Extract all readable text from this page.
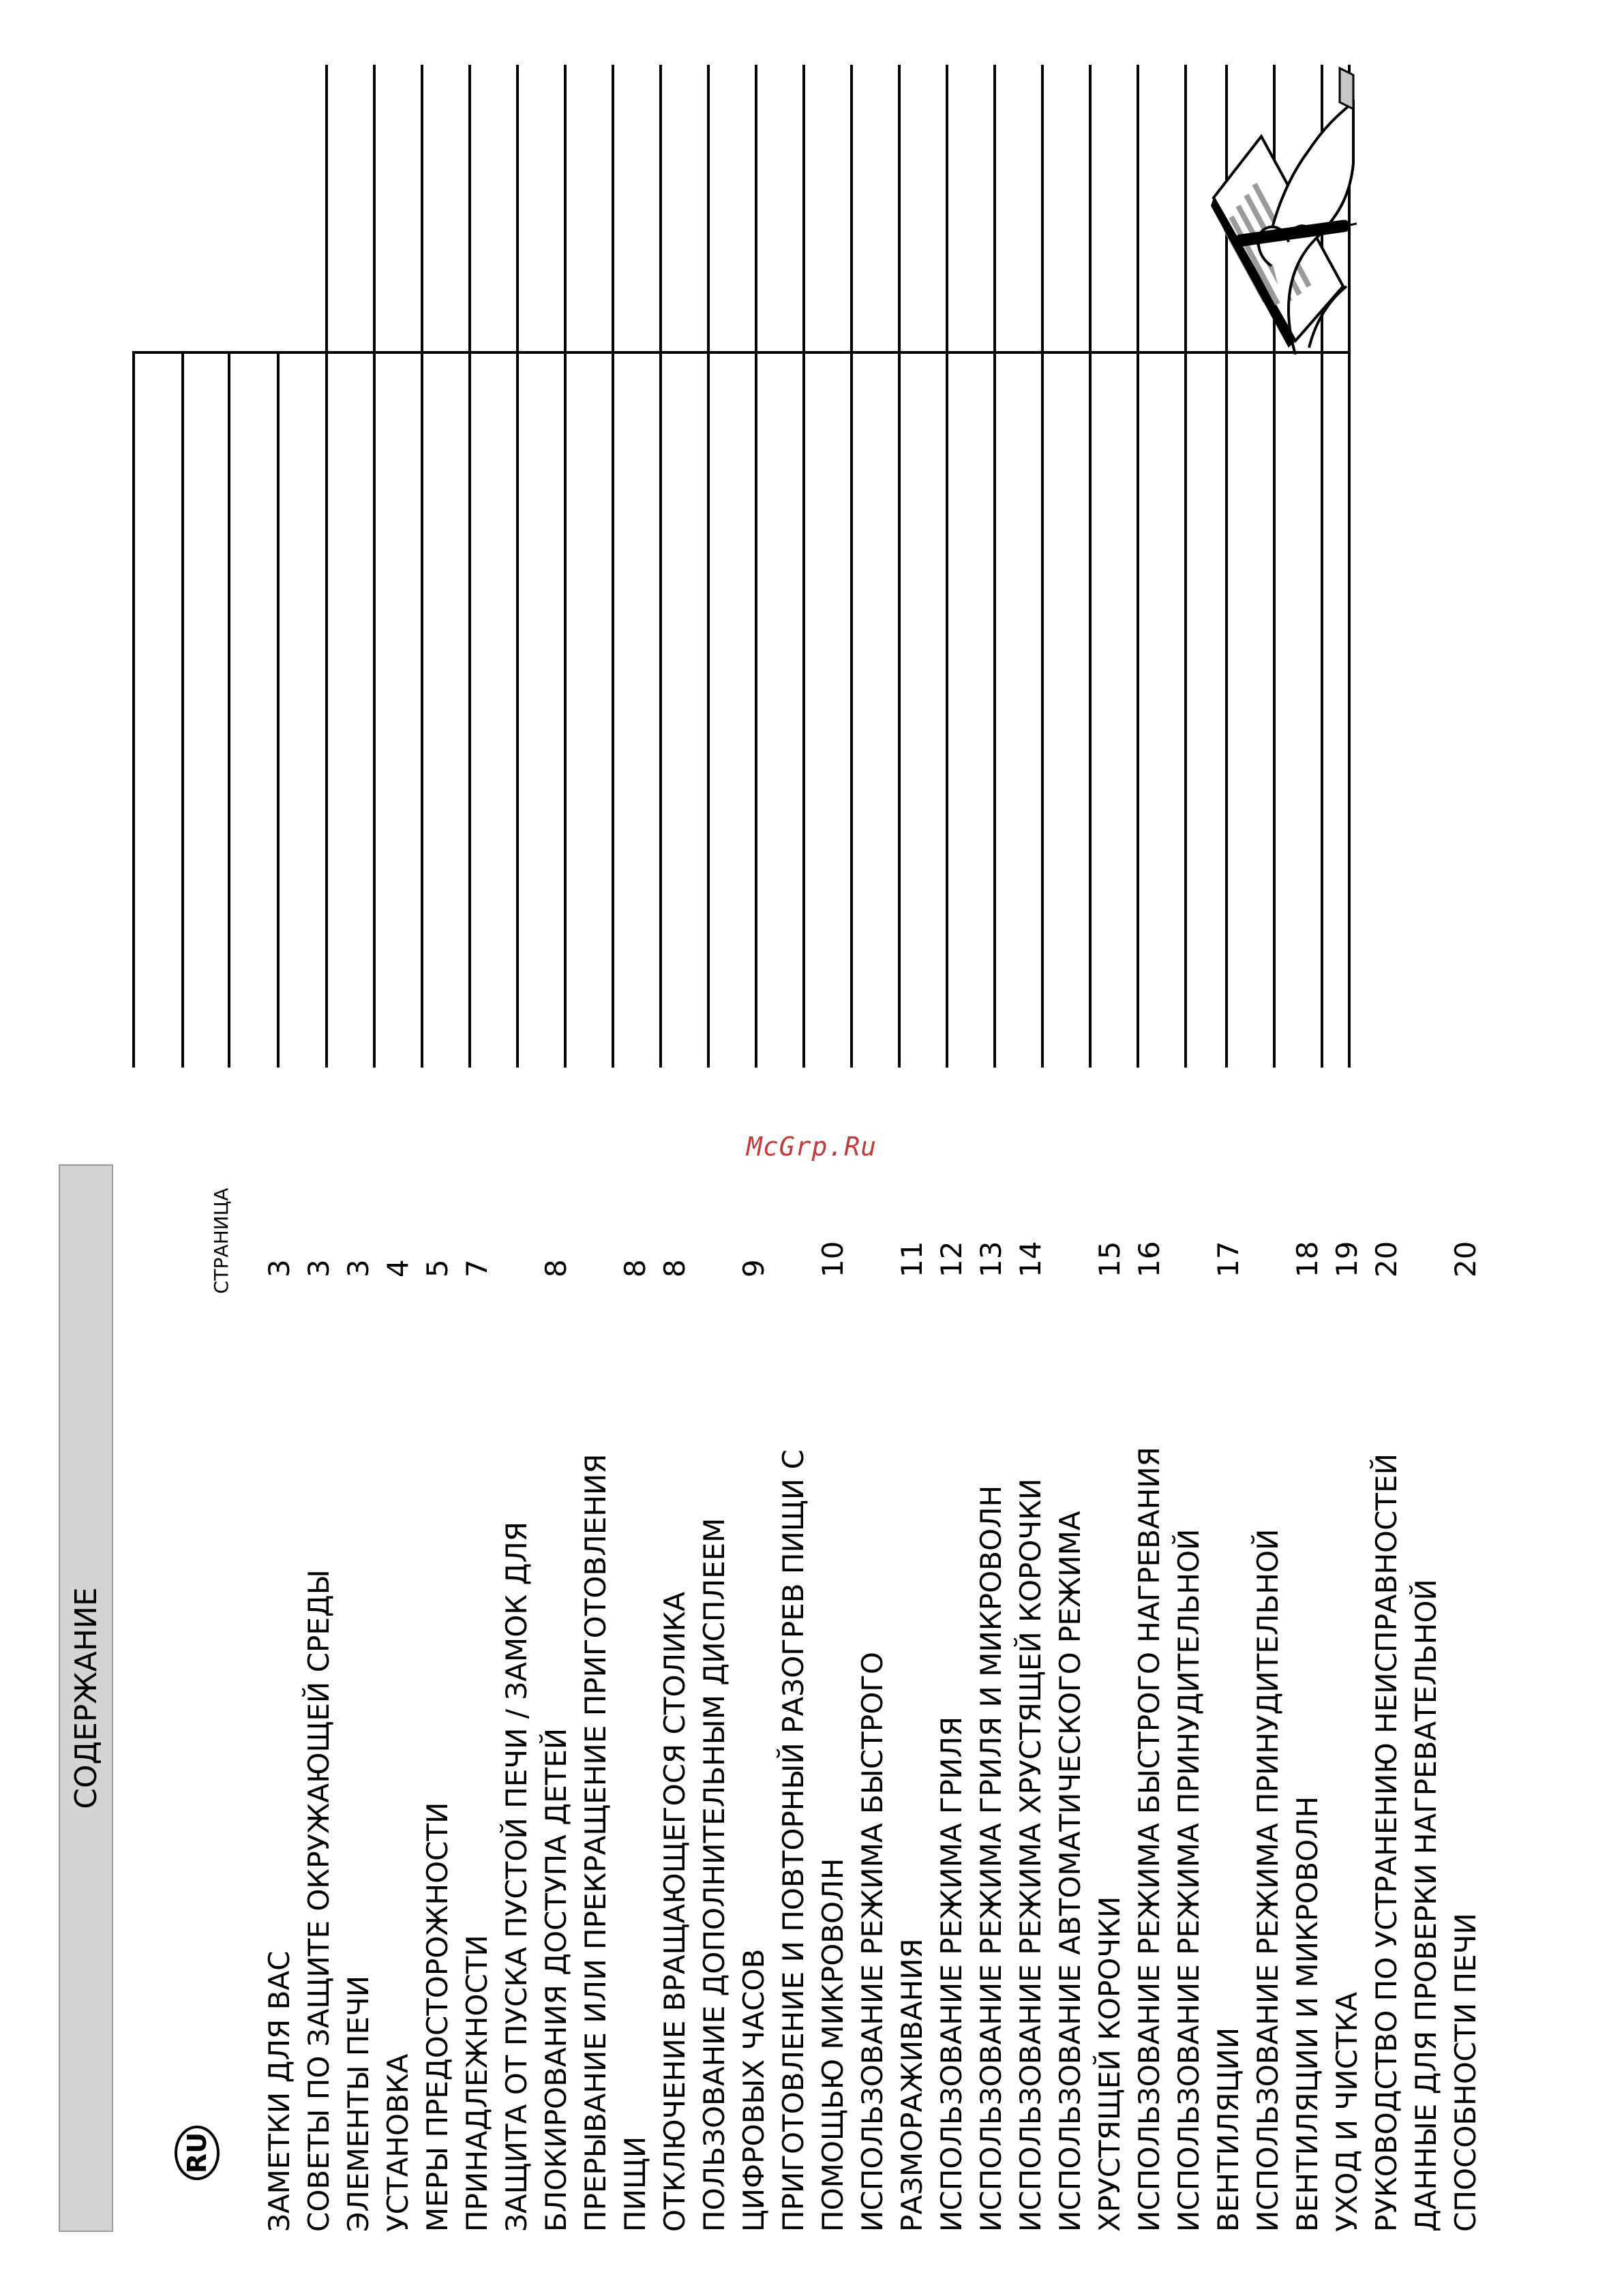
McGrp.Ru
СОДЕРЖАНИЕ
RU
СТРАНИЦА
ЗАМЕТКИ ДЛЯ ВАС
3
СОВЕТЫ ПО ЗАЩИТЕ ОКРУЖАЮЩЕЙ СРЕДЫ
3
ЭЛЕМЕНТЫ ПЕЧИ
3
УСТАНОВКА
4
МЕРЫ ПРЕДОСТОРОЖНОСТИ
5
ПРИНАДЛЕЖНОСТИ
7
ЗАЩИТА ОТ ПУСКА ПУСТОЙ ПЕЧИ / ЗАМОК ДЛЯ БЛОКИРОВАНИЯ ДОСТУПА ДЕТЕЙ
8
ПРЕРЫВАНИЕ ИЛИ ПРЕКРАЩЕНИЕ ПРИГОТОВЛЕНИЯ ПИЩИ
8
ОТКЛЮЧЕНИЕ ВРАЩАЮЩЕГОСЯ СТОЛИКА
8
ПОЛЬЗОВАНИЕ ДОПОЛНИТЕЛЬНЫМ ДИСПЛЕЕМ ЦИФРОВЫХ ЧАСОВ
9
ПРИГОТОВЛЕНИЕ И ПОВТОРНЫЙ РАЗОГРЕВ ПИЩИ С ПОМОЩЬЮ МИКРОВОЛН
10
ИСПОЛЬЗОВАНИЕ РЕЖИМА БЫСТРОГО РАЗМОРАЖИВАНИЯ
11
ИСПОЛЬЗОВАНИЕ РЕЖИМА ГРИЛЯ
12
ИСПОЛЬЗОВАНИЕ РЕЖИМА ГРИЛЯ И МИКРОВОЛН
13
ИСПОЛЬЗОВАНИЕ РЕЖИМА ХРУСТЯЩЕЙ КОРОЧКИ
14
ИСПОЛЬЗОВАНИЕ АВТОМАТИЧЕСКОГО РЕЖИМА ХРУСТЯЩЕЙ КОРОЧКИ
15
ИСПОЛЬЗОВАНИЕ РЕЖИМА БЫСТРОГО НАГРЕВАНИЯ
16
ИСПОЛЬЗОВАНИЕ РЕЖИМА ПРИНУДИТЕЛЬНОЙ ВЕНТИЛЯЦИИ
17
ИСПОЛЬЗОВАНИЕ РЕЖИМА ПРИНУДИТЕЛЬНОЙ ВЕНТИЛЯЦИИ И МИКРОВОЛН
18
УХОД И ЧИСТКА
19
РУКОВОДСТВО ПО УСТРАНЕНИЮ НЕИСПРАВНОСТЕЙ
20
ДАННЫЕ ДЛЯ ПРОВЕРКИ НАГРЕВАТЕЛЬНОЙ СПОСОБНОСТИ ПЕЧИ
20
